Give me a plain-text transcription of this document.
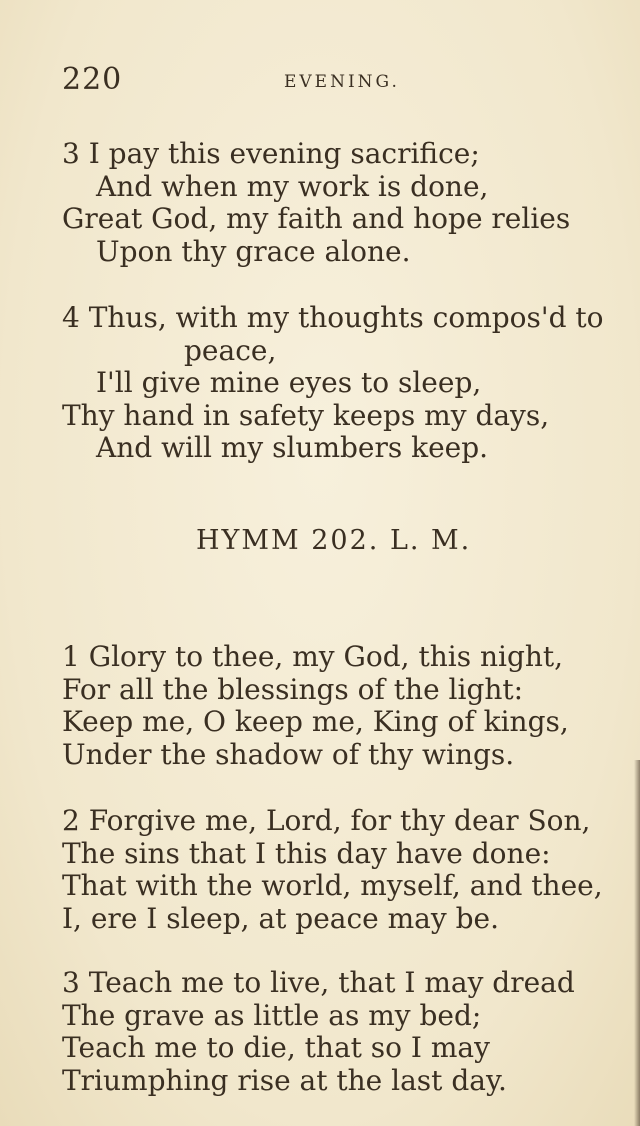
220	EVENING.
3 I pay this evening sacrifice;
And when my work is done,
Great God, my faith and hope relies
Upon thy grace alone.
4 Thus, with my thoughts compos'd to
peace,
I'll give mine eyes to sleep,
Thy hand in safety keeps my days,
And will my slumbers keep.
HYMM 202. L. M.
1 Glory to thee, my God, this night,
For all the blessings of the light:
Keep me, O keep me, King of kings,
Under the shadow of thy wings.
2 Forgive me, Lord, for thy dear Son,
The sins that I this day have done:
That with the world, myself, and thee,
I, ere I sleep, at peace may be.
3 Teach me to live, that I may dread
The grave as little as my bed;
Teach me to die, that so I may
Triumphing rise at the last day.
